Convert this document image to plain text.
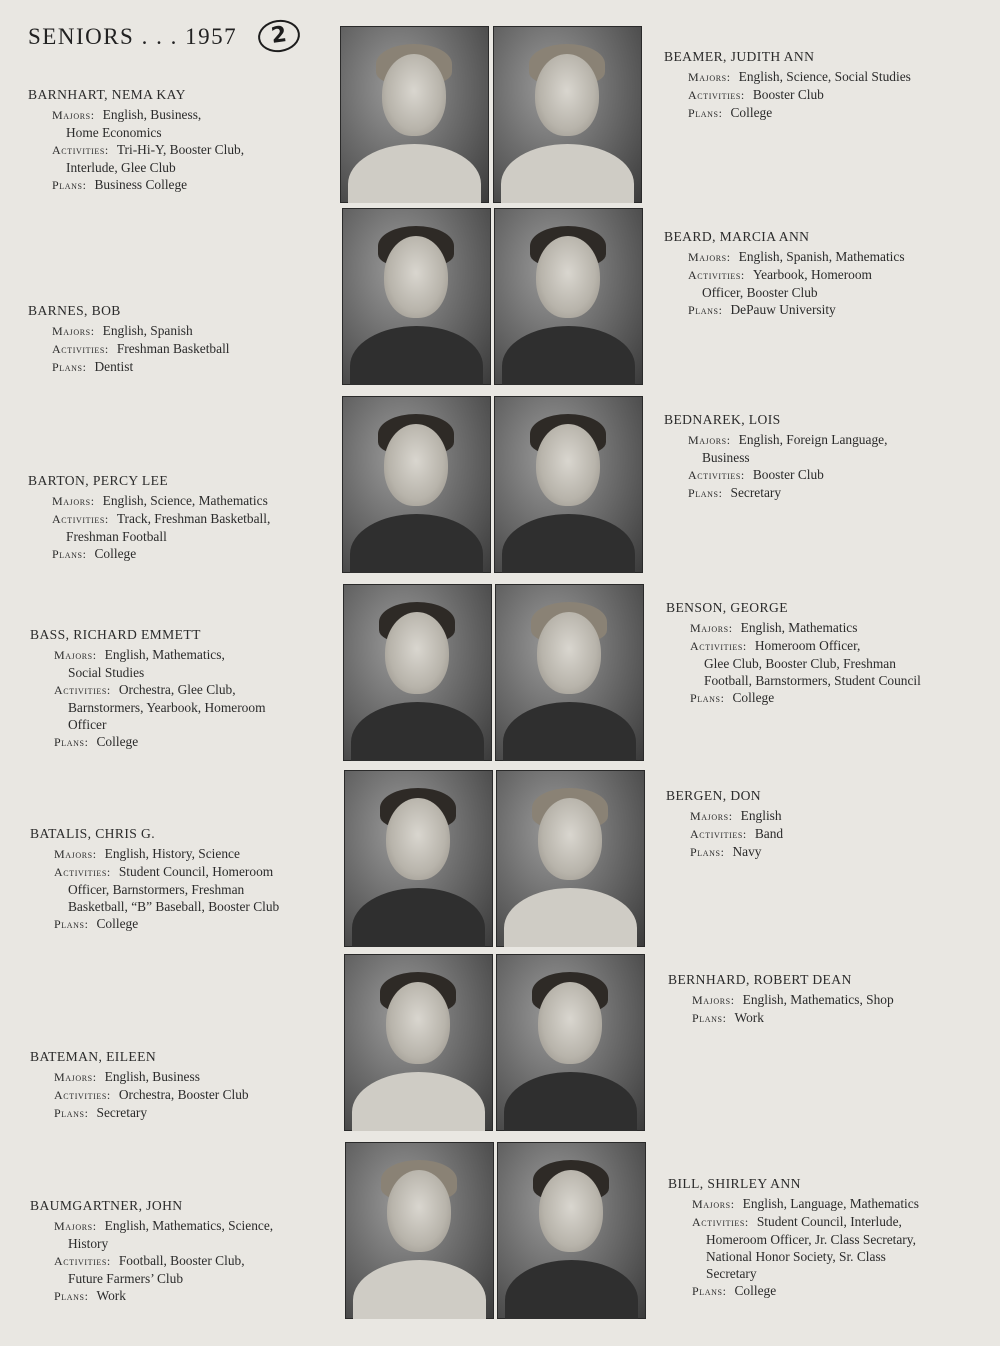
SENIORS . . . 1957	2
BARNHART, NEMA KAY
Majors: English, Business,
Home Economics
Activities: Tri-Hi-Y, Booster Club,
Interlude, Glee Club
Plans: Business College
BARNES, BOB
Majors: English, Spanish
Activities: Freshman Basketball
Plans: Dentist
BARTON, PERCY LEE
Majors: English, Science, Mathematics
Activities: Track, Freshman Basketball,
Freshman Football
Plans: College
BASS, RICHARD EMMETT
Majors: English, Mathematics,
Social Studies
Activities: Orchestra, Glee Club,
Barnstormers, Yearbook, Homeroom
Officer
Plans: College
BATALIS, CHRIS G.
Majors: English, History, Science
Activities: Student Council, Homeroom
Officer, Barnstormers, Freshman
Basketball, “B” Baseball, Booster Club
Plans: College
BATEMAN, EILEEN
Majors: English, Business
Activities: Orchestra, Booster Club
Plans: Secretary
BAUMGARTNER, JOHN
Majors: English, Mathematics, Science,
History
Activities: Football, Booster Club,
Future Farmers’ Club
Plans: Work
BEAMER, JUDITH ANN
Majors: English, Science, Social Studies
Activities: Booster Club
Plans: College
BEARD, MARCIA ANN
Majors: English, Spanish, Mathematics
Activities: Yearbook, Homeroom
Officer, Booster Club
Plans: DePauw University
BEDNAREK, LOIS
Majors: English, Foreign Language,
Business
Activities: Booster Club
Plans: Secretary
BENSON, GEORGE
Majors: English, Mathematics
Activities: Homeroom Officer,
Glee Club, Booster Club, Freshman
Football, Barnstormers, Student Council
Plans: College
BERGEN, DON
Majors: English
Activities: Band
Plans: Navy
BERNHARD, ROBERT DEAN
Majors: English, Mathematics, Shop
Plans: Work
BILL, SHIRLEY ANN
Majors: English, Language, Mathematics
Activities: Student Council, Interlude,
Homeroom Officer, Jr. Class Secretary,
National Honor Society, Sr. Class
Secretary
Plans: College
